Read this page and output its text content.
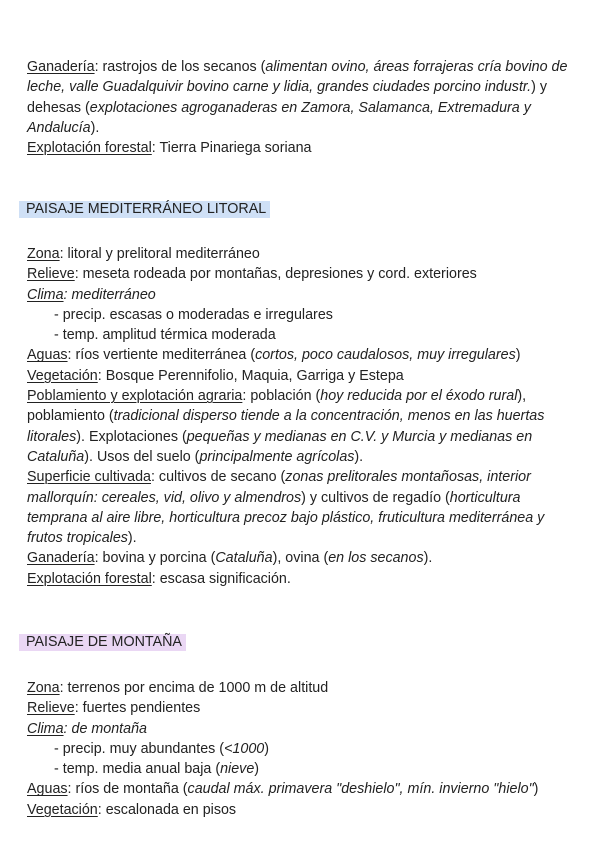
Ganadería: rastrojos de los secanos (alimentan ovino, áreas forrajeras cría bovino de leche, valle Guadalquivir bovino carne y lidia, grandes ciudades porcino industr.) y dehesas (explotaciones agroganaderas en Zamora, Salamanca, Extremadura y Andalucía).

Explotación forestal: Tierra Pinariega soriana

PAISAJE MEDITERRÁNEO LITORAL

Zona: litoral y prelitoral mediterráneo

Relieve: meseta rodeada por montañas, depresiones y cord. exteriores

Clima: mediterráneo

- precip. escasas o moderadas e irregulares

- temp. amplitud térmica moderada

Aguas: ríos vertiente mediterránea (cortos, poco caudalosos, muy irregulares)

Vegetación: Bosque Perennifolio, Maquia, Garriga y Estepa

Poblamiento y explotación agraria: población (hoy reducida por el éxodo rural), poblamiento (tradicional disperso tiende a la concentración, menos en las huertas litorales). Explotaciones (pequeñas y medianas en C.V. y Murcia y medianas en Cataluña). Usos del suelo (principalmente agrícolas).

Superficie cultivada: cultivos de secano (zonas prelitorales montañosas, interior mallorquín: cereales, vid, olivo y almendros) y cultivos de regadío (horticultura temprana al aire libre, horticultura precoz bajo plástico, fruticultura mediterránea y frutos tropicales).

Ganadería: bovina y porcina (Cataluña), ovina (en los secanos).

Explotación forestal: escasa significación.

PAISAJE DE MONTAÑA

Zona: terrenos por encima de 1000 m de altitud

Relieve: fuertes pendientes

Clima: de montaña

- precip. muy abundantes (<1000)

- temp. media anual baja (nieve)

Aguas: ríos de montaña (caudal máx. primavera "deshielo", mín. invierno "hielo")

Vegetación: escalonada en pisos
